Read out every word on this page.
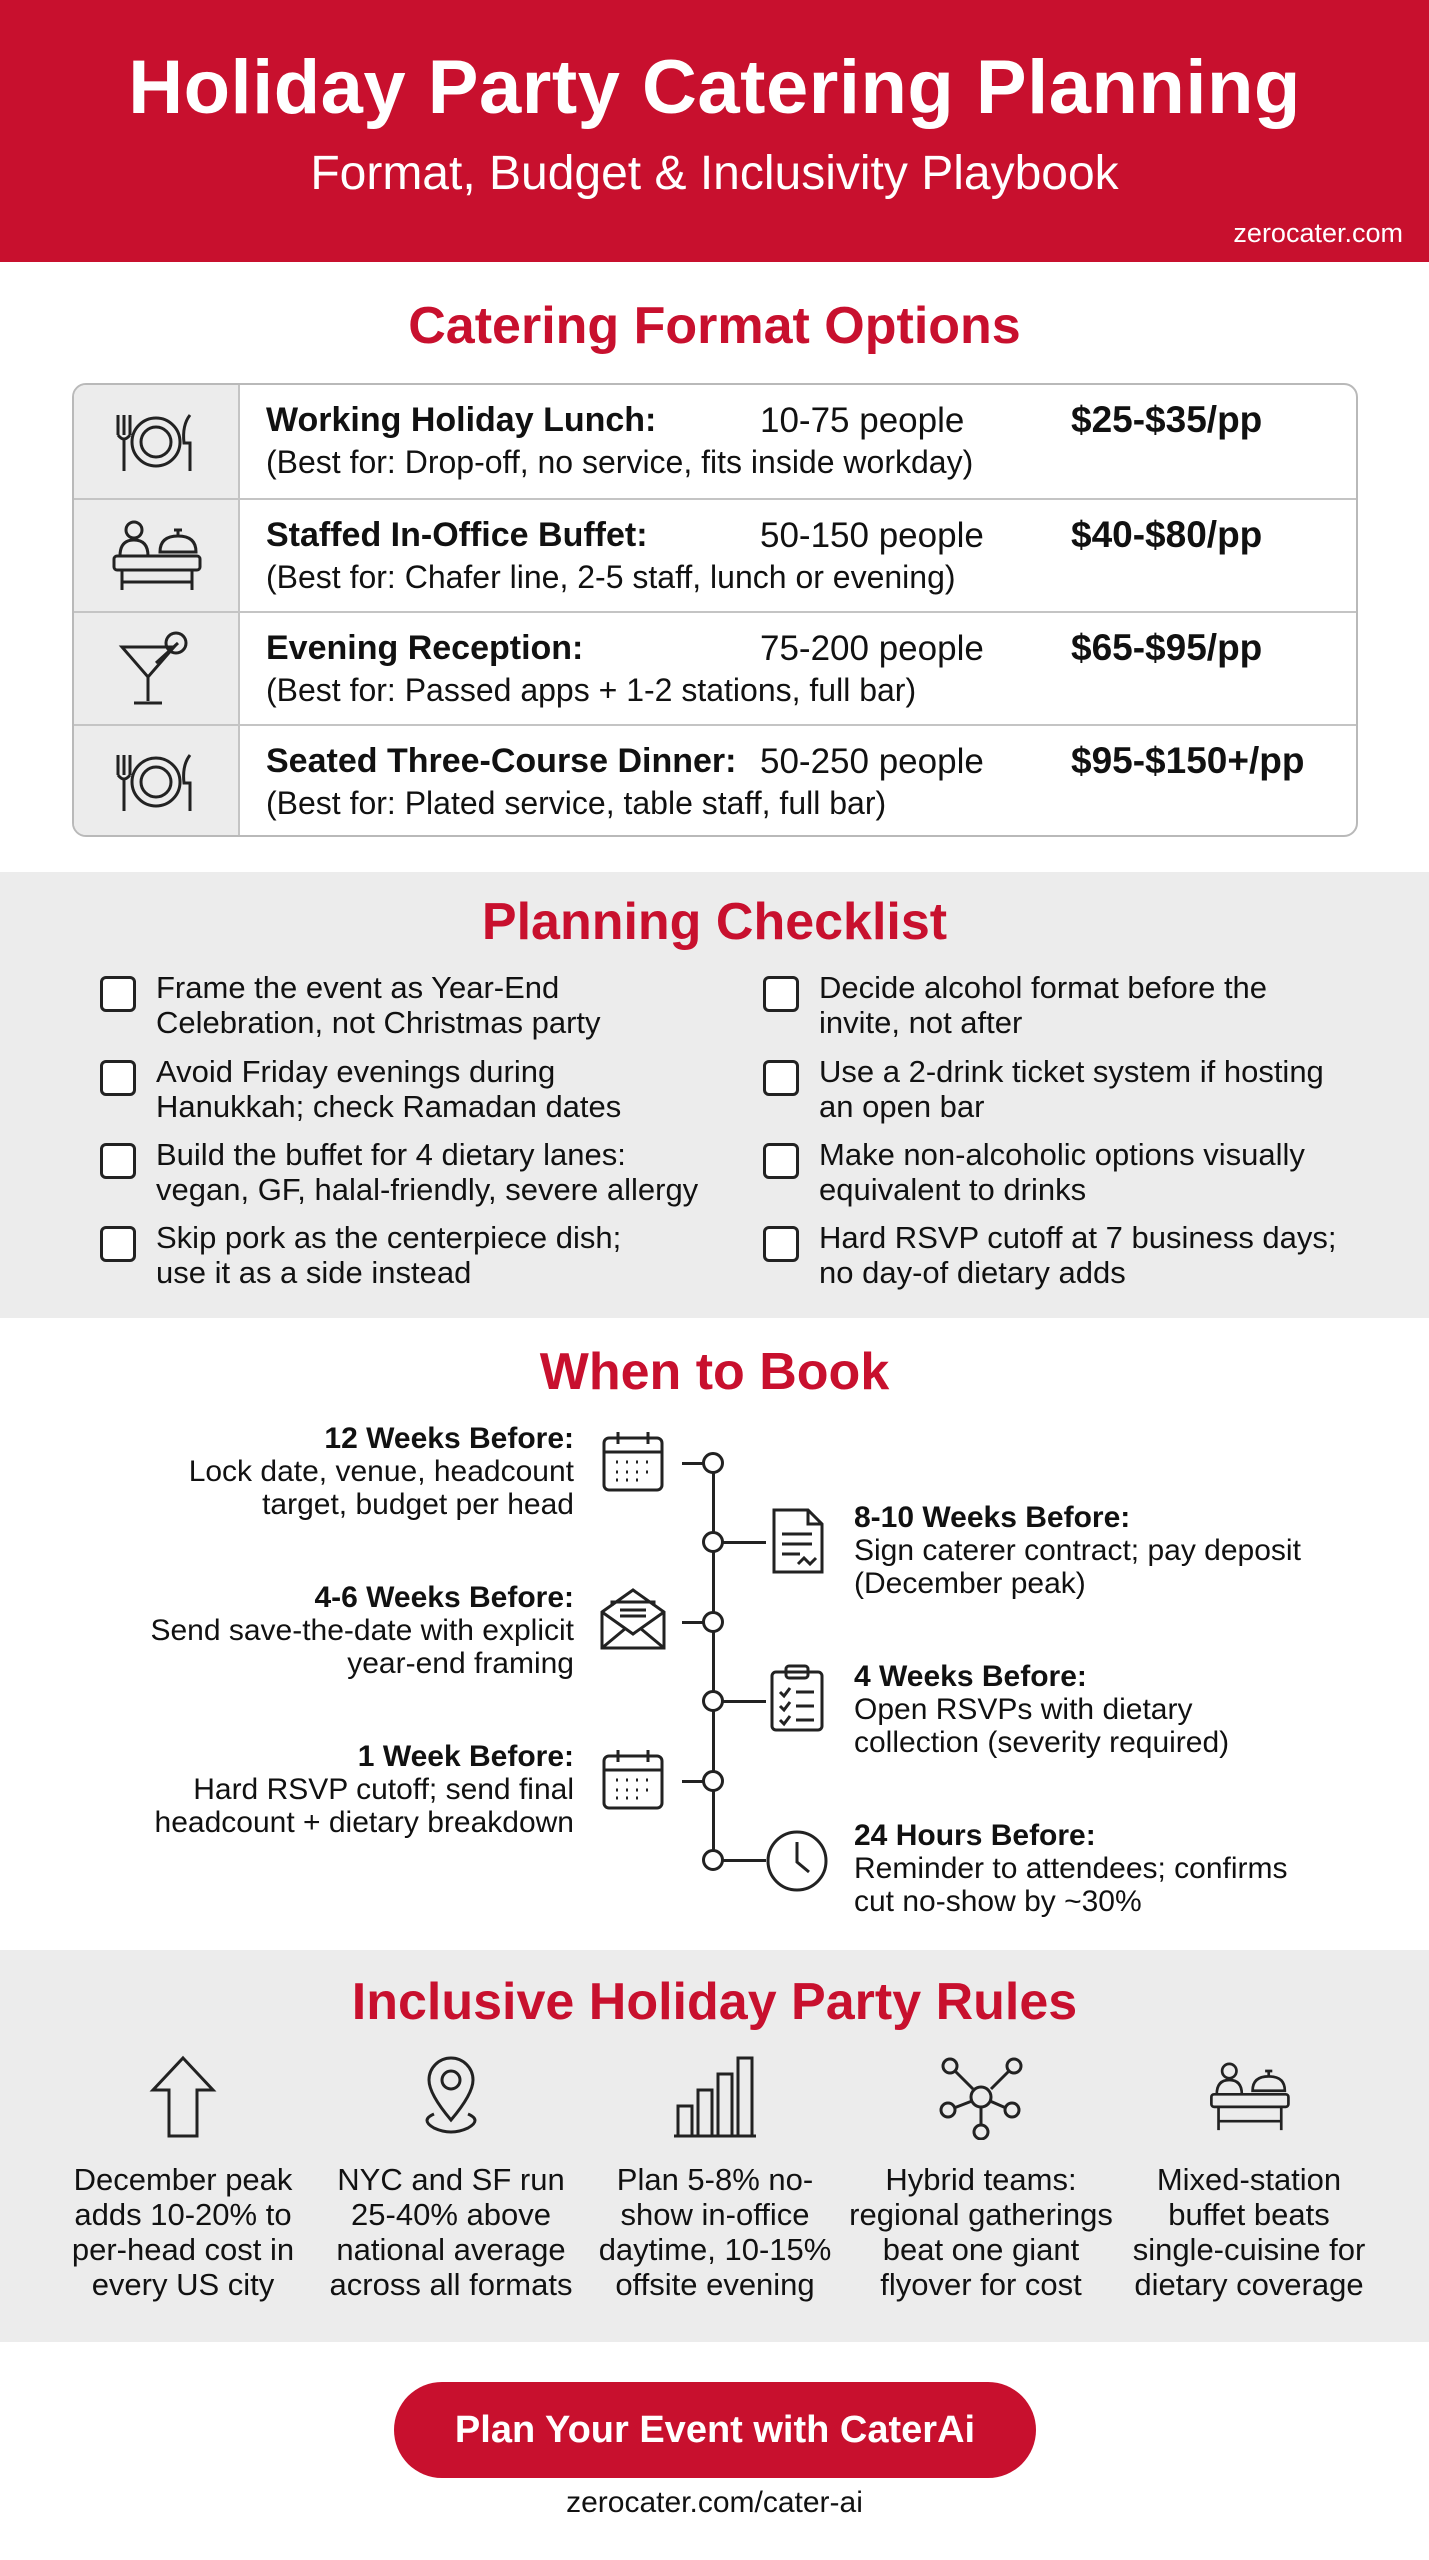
Holiday Party Catering Planning
Format, Budget & Inclusivity Playbook
zerocater.com
Catering Format Options
Working Holiday Lunch:	10-75 people	$25-$35/pp
(Best for: Drop-off, no service, fits inside workday)
Staffed In-Office Buffet:	50-150 people $40-$80/pp
(Best for: Chafer line, 2-5 staff, lunch or evening)
Evening Reception:	75-200 people $65-$95/pp
(Best for: Passed apps + 1-2 stations, full bar)
Seated Three-Course Dinner: 50-250 people $95-$150+/pp
(Best for: Plated service, table staff, full bar)
Planning Checklist
Frame the event as Year-End
Celebration, not Christmas party
Avoid Friday evenings during
Hanukkah; check Ramadan dates
Build the buffet for 4 dietary lanes:
vegan, GF, halal-friendly, severe allergy
Skip pork as the centerpiece dish;
use it as a side instead
Decide alcohol format before the
invite, not after
Use a 2-drink ticket system if hosting
an open bar
Make non-alcoholic options visually
equivalent to drinks
Hard RSVP cutoff at 7 business days;
no day-of dietary adds
When to Book
12 Weeks Before:
Lock date, venue, headcount
target, budget per head	8-10 Weeks Before:
Sign caterer contract; pay deposit
(December peak)
4-6 Weeks Before:
Send save-the-date with explicit
year-end framing	4 Weeks Before:
Open RSVPs with dietary
collection (severity required)
1 Week Before:
Hard RSVP cutoff; send final
headcount + dietary breakdown	24 Hours Before:
Reminder to attendees; confirms
cut no-show by ~30%
Inclusive Holiday Party Rules
December peak
adds 10-20% to
per-head cost in
every US city
NYC and SF run
25-40% above
national average
across all formats
Plan 5-8% no-
show in-office
daytime, 10-15%
offsite evening
Hybrid teams:
regional gatherings
beat one giant
flyover for cost
Mixed-station
buffet beats
single-cuisine for
dietary coverage
Plan Your Event with CaterAi
zerocater.com/cater-ai
